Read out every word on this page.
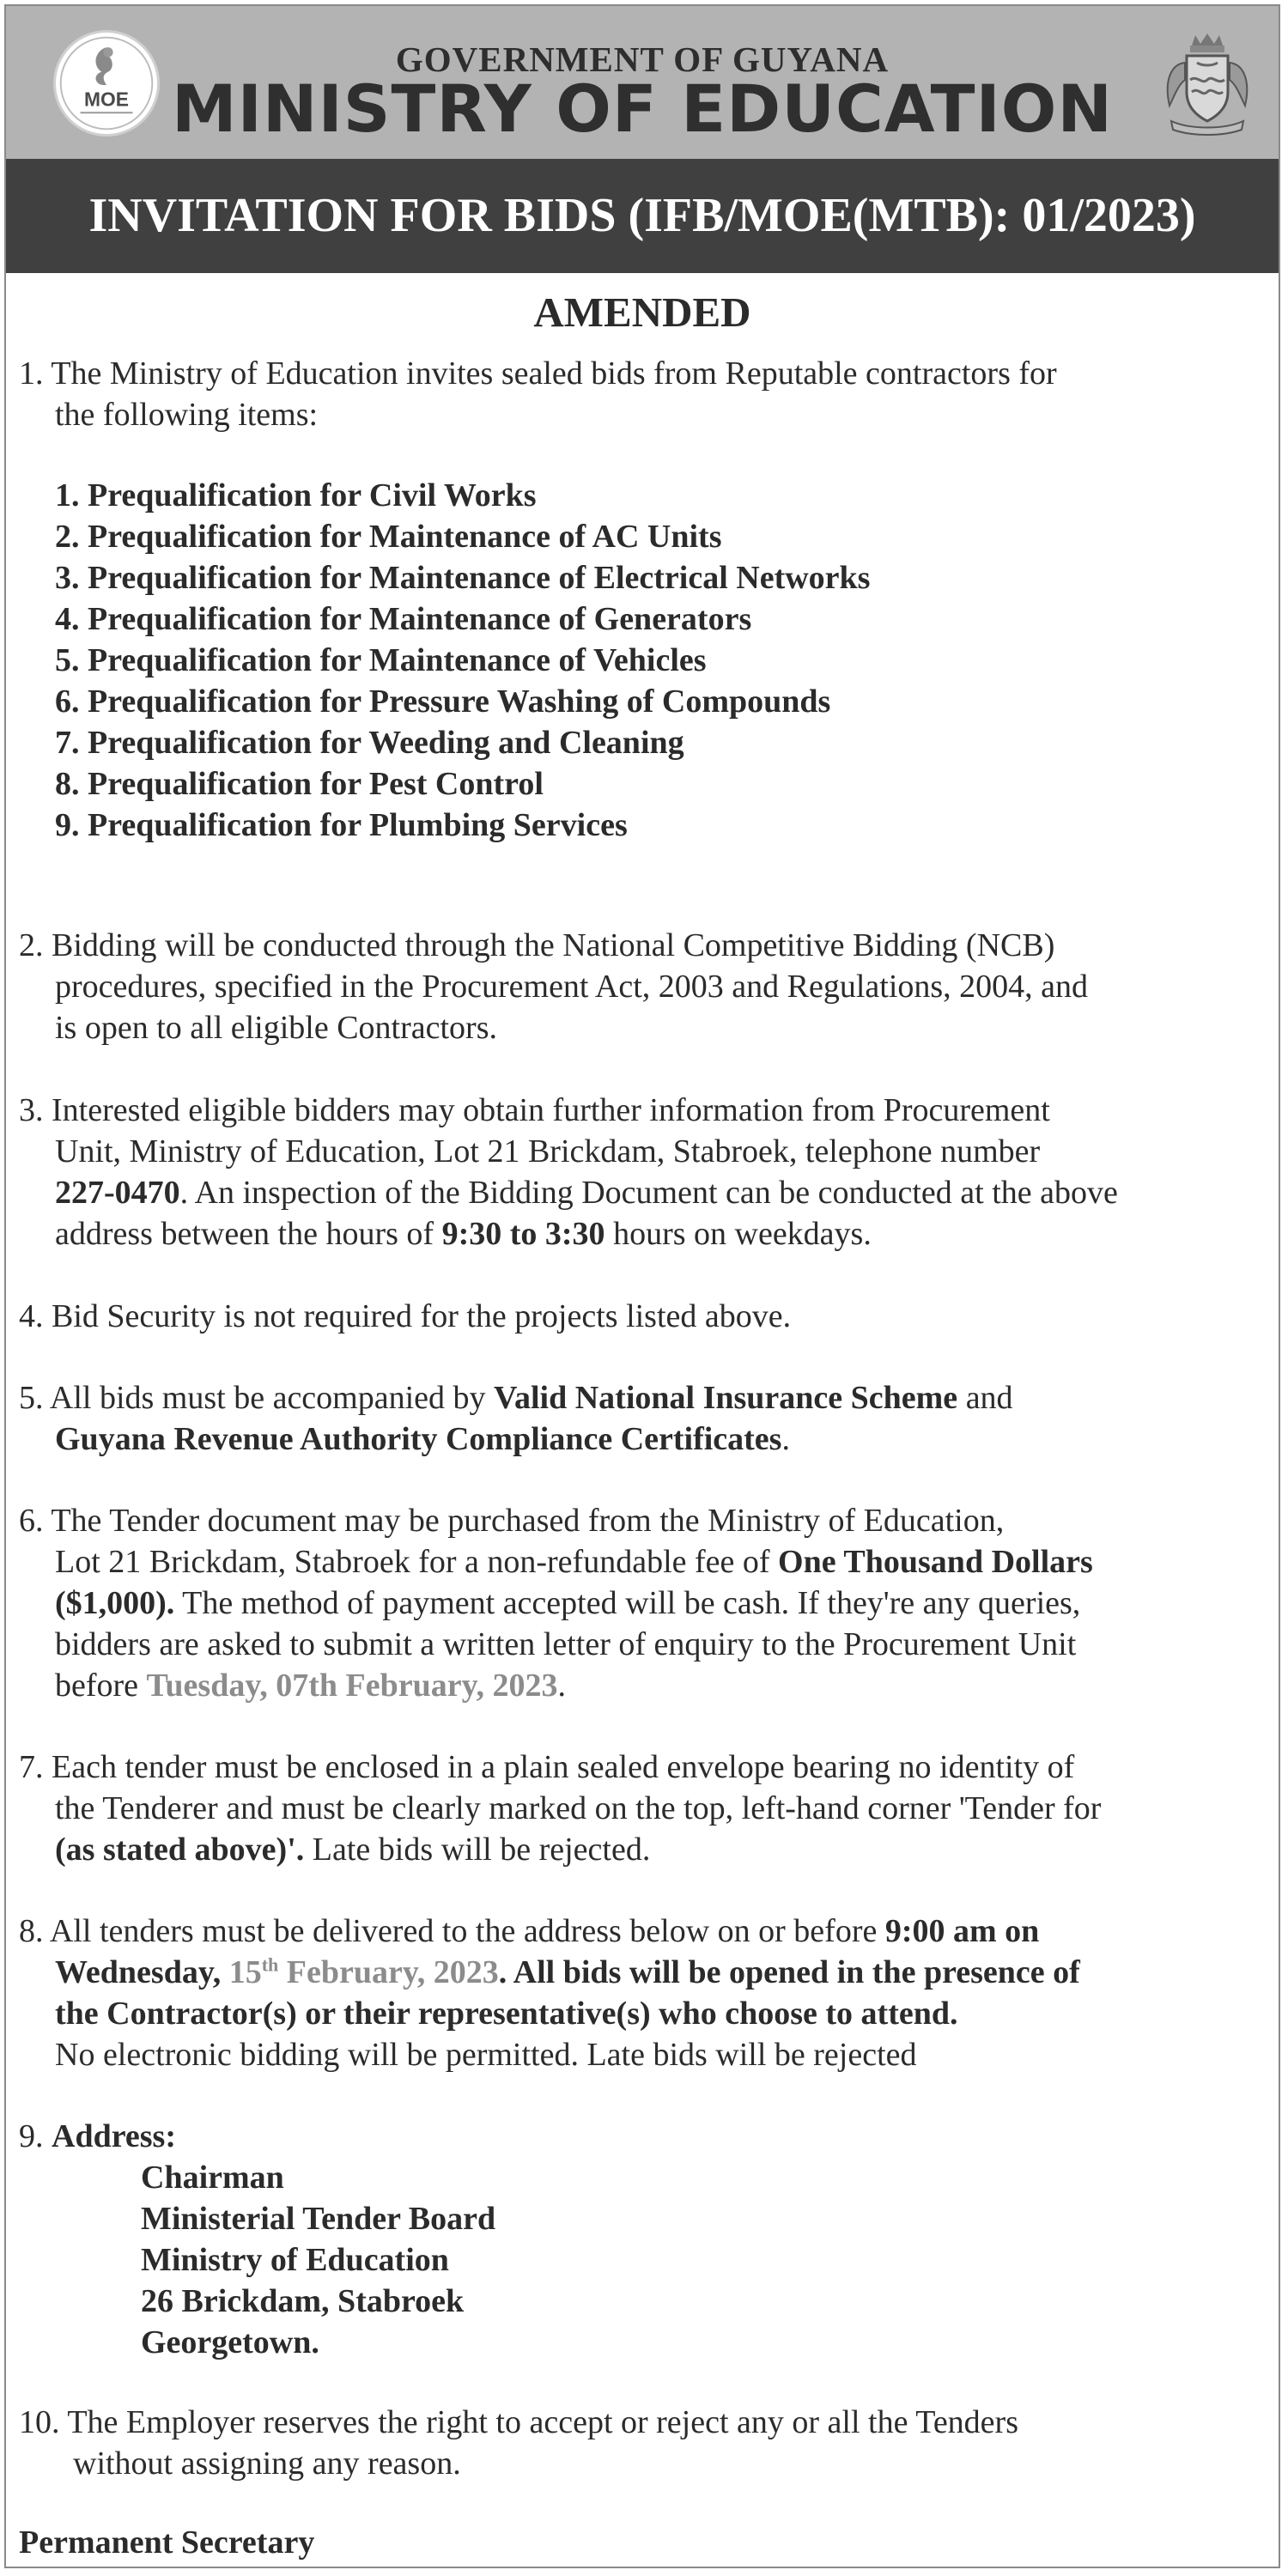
MOE
GOVERNMENT OF GUYANA
MINISTRY OF EDUCATION
INVITATION FOR BIDS (IFB/MOE(MTB): 01/2023)
AMENDED
1. The Ministry of Education invites sealed bids from Reputable contractors for
the following items:
1. Prequalification for Civil Works
2. Prequalification for Maintenance of AC Units
3. Prequalification for Maintenance of Electrical Networks
4. Prequalification for Maintenance of Generators
5. Prequalification for Maintenance of Vehicles
6. Prequalification for Pressure Washing of Compounds
7. Prequalification for Weeding and Cleaning
8. Prequalification for Pest Control
9. Prequalification for Plumbing Services
2. Bidding will be conducted through the National Competitive Bidding (NCB)
procedures, specified in the Procurement Act, 2003 and Regulations, 2004, and
is open to all eligible Contractors.
3. Interested eligible bidders may obtain further information from Procurement
Unit, Ministry of Education, Lot 21 Brickdam, Stabroek, telephone number
227-0470. An inspection of the Bidding Document can be conducted at the above
address between the hours of 9:30 to 3:30 hours on weekdays.
4. Bid Security is not required for the projects listed above.
5. All bids must be accompanied by Valid National Insurance Scheme and
Guyana Revenue Authority Compliance Certificates.
6. The Tender document may be purchased from the Ministry of Education,
Lot 21 Brickdam, Stabroek for a non-refundable fee of One Thousand Dollars
($1,000). The method of payment accepted will be cash. If they're any queries,
bidders are asked to submit a written letter of enquiry to the Procurement Unit
before Tuesday, 07th February, 2023.
7. Each tender must be enclosed in a plain sealed envelope bearing no identity of
the Tenderer and must be clearly marked on the top, left-hand corner 'Tender for
(as stated above)'. Late bids will be rejected.
8. All tenders must be delivered to the address below on or before 9:00 am on
Wednesday, 15th February, 2023. All bids will be opened in the presence of
the Contractor(s) or their representative(s) who choose to attend.
No electronic bidding will be permitted. Late bids will be rejected
9. Address:
Chairman
Ministerial Tender Board
Ministry of Education
26 Brickdam, Stabroek
Georgetown.
10. The Employer reserves the right to accept or reject any or all the Tenders
without assigning any reason.
Permanent Secretary
